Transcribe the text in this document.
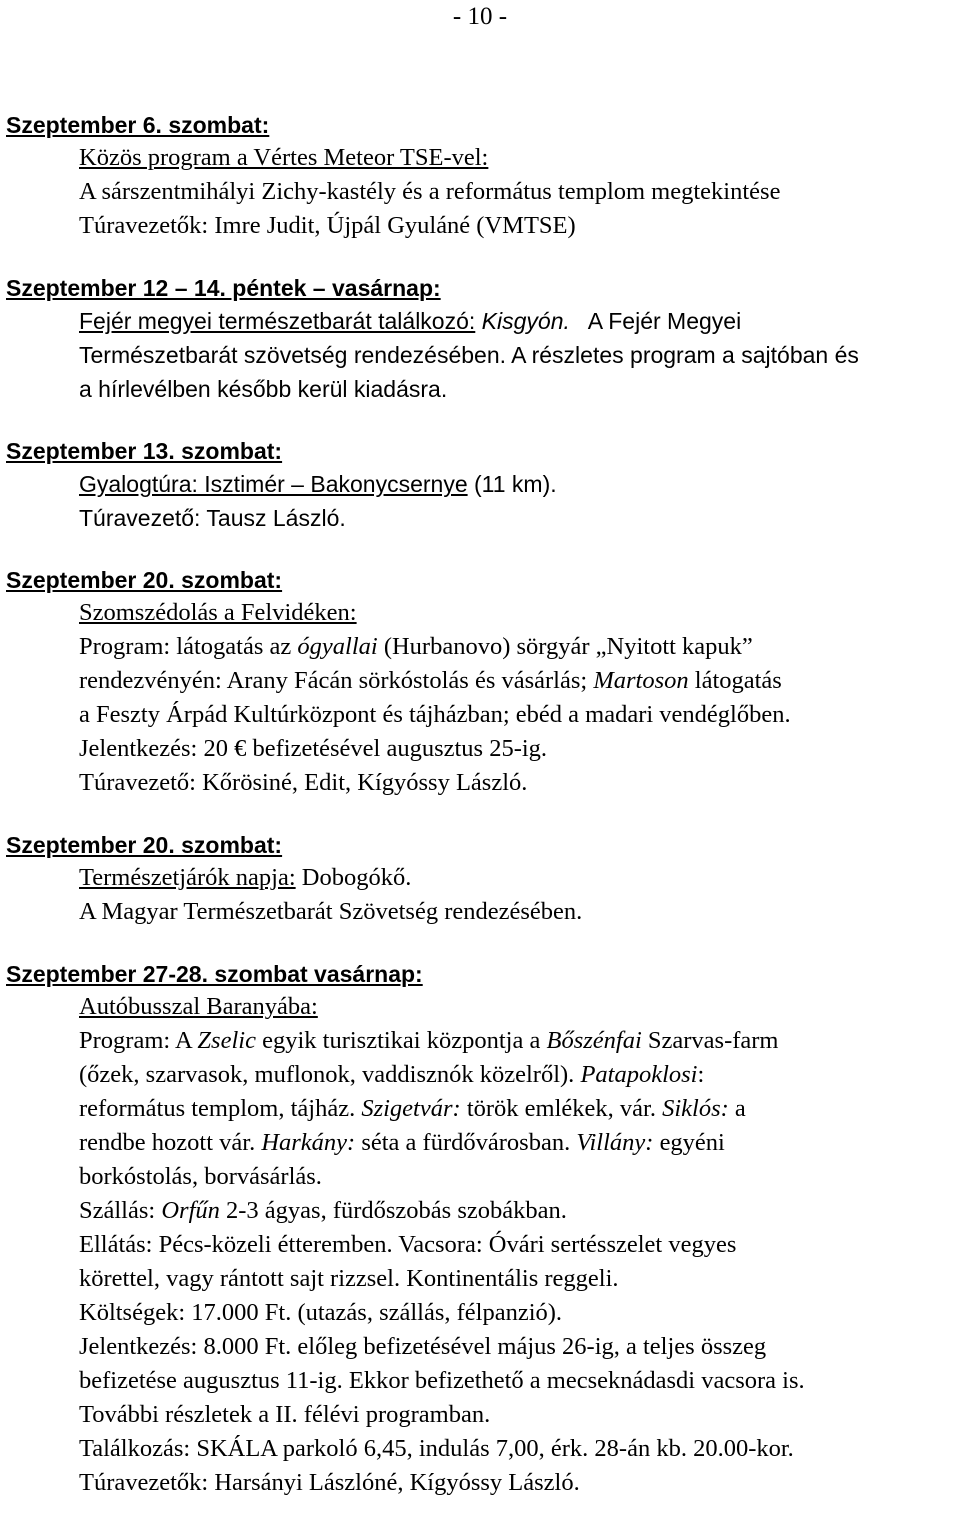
- 10 -
Szeptember 6. szombat:
Közös program a Vértes Meteor TSE-vel:
A sárszentmihályi Zichy-kastély és a református templom megtekintése
Túravezetők: Imre Judit, Újpál Gyuláné (VMTSE)
Szeptember 12 – 14. péntek – vasárnap:
Fejér megyei természetbarát találkozó: Kisgyón. A Fejér Megyei
Természetbarát szövetség rendezésében. A részletes program a sajtóban és
a hírlevélben később kerül kiadásra.
Szeptember 13. szombat:
Gyalogtúra: Isztimér – Bakonycsernye (11 km).
Túravezető: Tausz László.
Szeptember 20. szombat:
Szomszédolás a Felvidéken:
Program: látogatás az ógyallai (Hurbanovo) sörgyár „Nyitott kapuk”
rendezvényén: Arany Fácán sörkóstolás és vásárlás; Martoson látogatás
a Feszty Árpád Kultúrközpont és tájházban; ebéd a madari vendéglőben.
Jelentkezés: 20 € befizetésével augusztus 25-ig.
Túravezető: Kőrösiné, Edit, Kígyóssy László.
Szeptember 20. szombat:
Természetjárók napja: Dobogókő.
A Magyar Természetbarát Szövetség rendezésében.
Szeptember 27-28. szombat vasárnap:
Autóbusszal Baranyába:
Program: A Zselic egyik turisztikai központja a Bőszénfai Szarvas-farm
(őzek, szarvasok, muflonok, vaddisznók közelről). Patapoklosi:
református templom, tájház. Szigetvár: török emlékek, vár. Siklós: a
rendbe hozott vár. Harkány: séta a fürdővárosban. Villány: egyéni
borkóstolás, borvásárlás.
Szállás: Orfűn 2-3 ágyas, fürdőszobás szobákban.
Ellátás: Pécs-közeli étteremben. Vacsora: Óvári sertésszelet vegyes
körettel, vagy rántott sajt rizzsel. Kontinentális reggeli.
Költségek: 17.000 Ft. (utazás, szállás, félpanzió).
Jelentkezés: 8.000 Ft. előleg befizetésével május 26-ig, a teljes összeg
befizetése augusztus 11-ig. Ekkor befizethető a mecseknádasdi vacsora is.
További részletek a II. félévi programban.
Találkozás: SKÁLA parkoló 6,45, indulás 7,00, érk. 28-án kb. 20.00-kor.
Túravezetők: Harsányi Lászlóné, Kígyóssy László.
